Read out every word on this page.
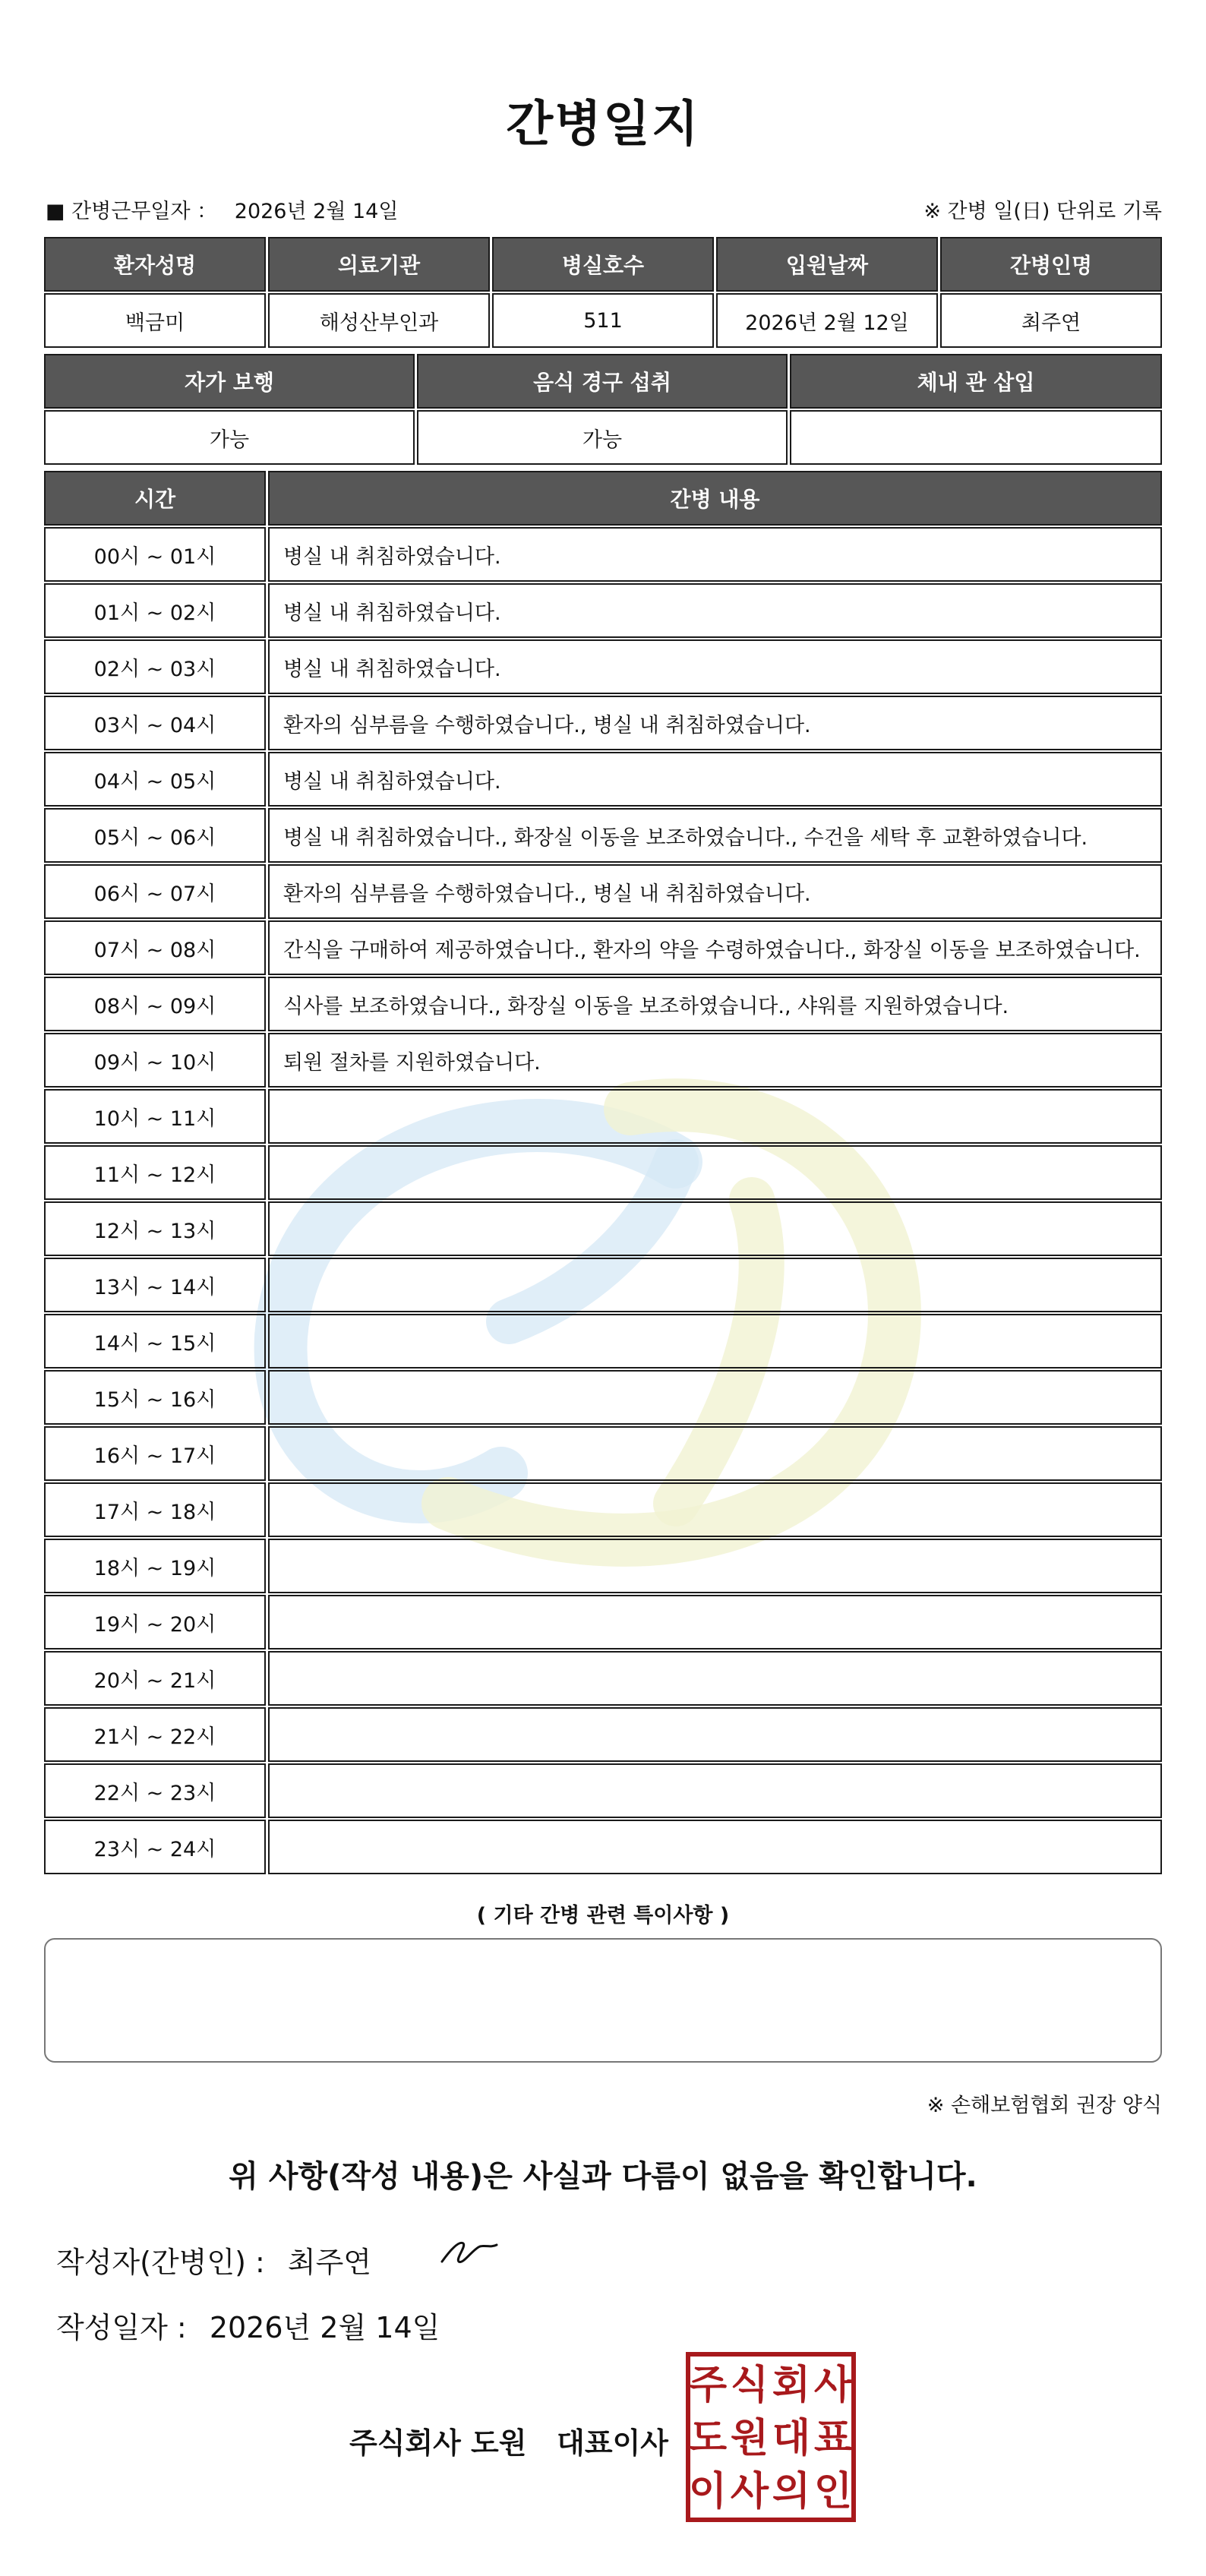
간병일지
■ 간병근무일자 ： 2026년 2월 14일	※ 간병 일(日) 단위로 기록
환자성명	의료기관	병실호수	입원날짜	간병인명
백금미	해성산부인과	511	2026년 2월 12일	최주연
자가 보행	음식 경구 섭취	체내 관 삽입
가능	가능
시간	간병 내용
00시 ~ 01시	병실 내 취침하였습니다.
01시 ~ 02시	병실 내 취침하였습니다.
02시 ~ 03시	병실 내 취침하였습니다.
03시 ~ 04시	환자의 심부름을 수행하였습니다., 병실 내 취침하였습니다.
04시 ~ 05시	병실 내 취침하였습니다.
05시 ~ 06시	병실 내 취침하였습니다., 화장실 이동을 보조하였습니다., 수건을 세탁 후 교환하였습니다.
06시 ~ 07시	환자의 심부름을 수행하였습니다., 병실 내 취침하였습니다.
07시 ~ 08시	간식을 구매하여 제공하였습니다., 환자의 약을 수령하였습니다., 화장실 이동을 보조하였습니다.
08시 ~ 09시	식사를 보조하였습니다., 화장실 이동을 보조하였습니다., 샤워를 지원하였습니다.
09시 ~ 10시	퇴원 절차를 지원하였습니다.
10시 ~ 11시
11시 ~ 12시
12시 ~ 13시
13시 ~ 14시
14시 ~ 15시
15시 ~ 16시
16시 ~ 17시
17시 ~ 18시
18시 ~ 19시
19시 ~ 20시
20시 ~ 21시
21시 ~ 22시
22시 ~ 23시
23시 ~ 24시
( 기타 간병 관련 특이사항 )
※ 손해보험협회 권장 양식
위 사항(작성 내용)은 사실과 다름이 없음을 확인합니다.
작성자(간병인) : 최주연
작성일자 : 2026년 2월 14일
주식회사 도원   대표이사
주 식 회 사
도 원 대 표
이 사 의 인
